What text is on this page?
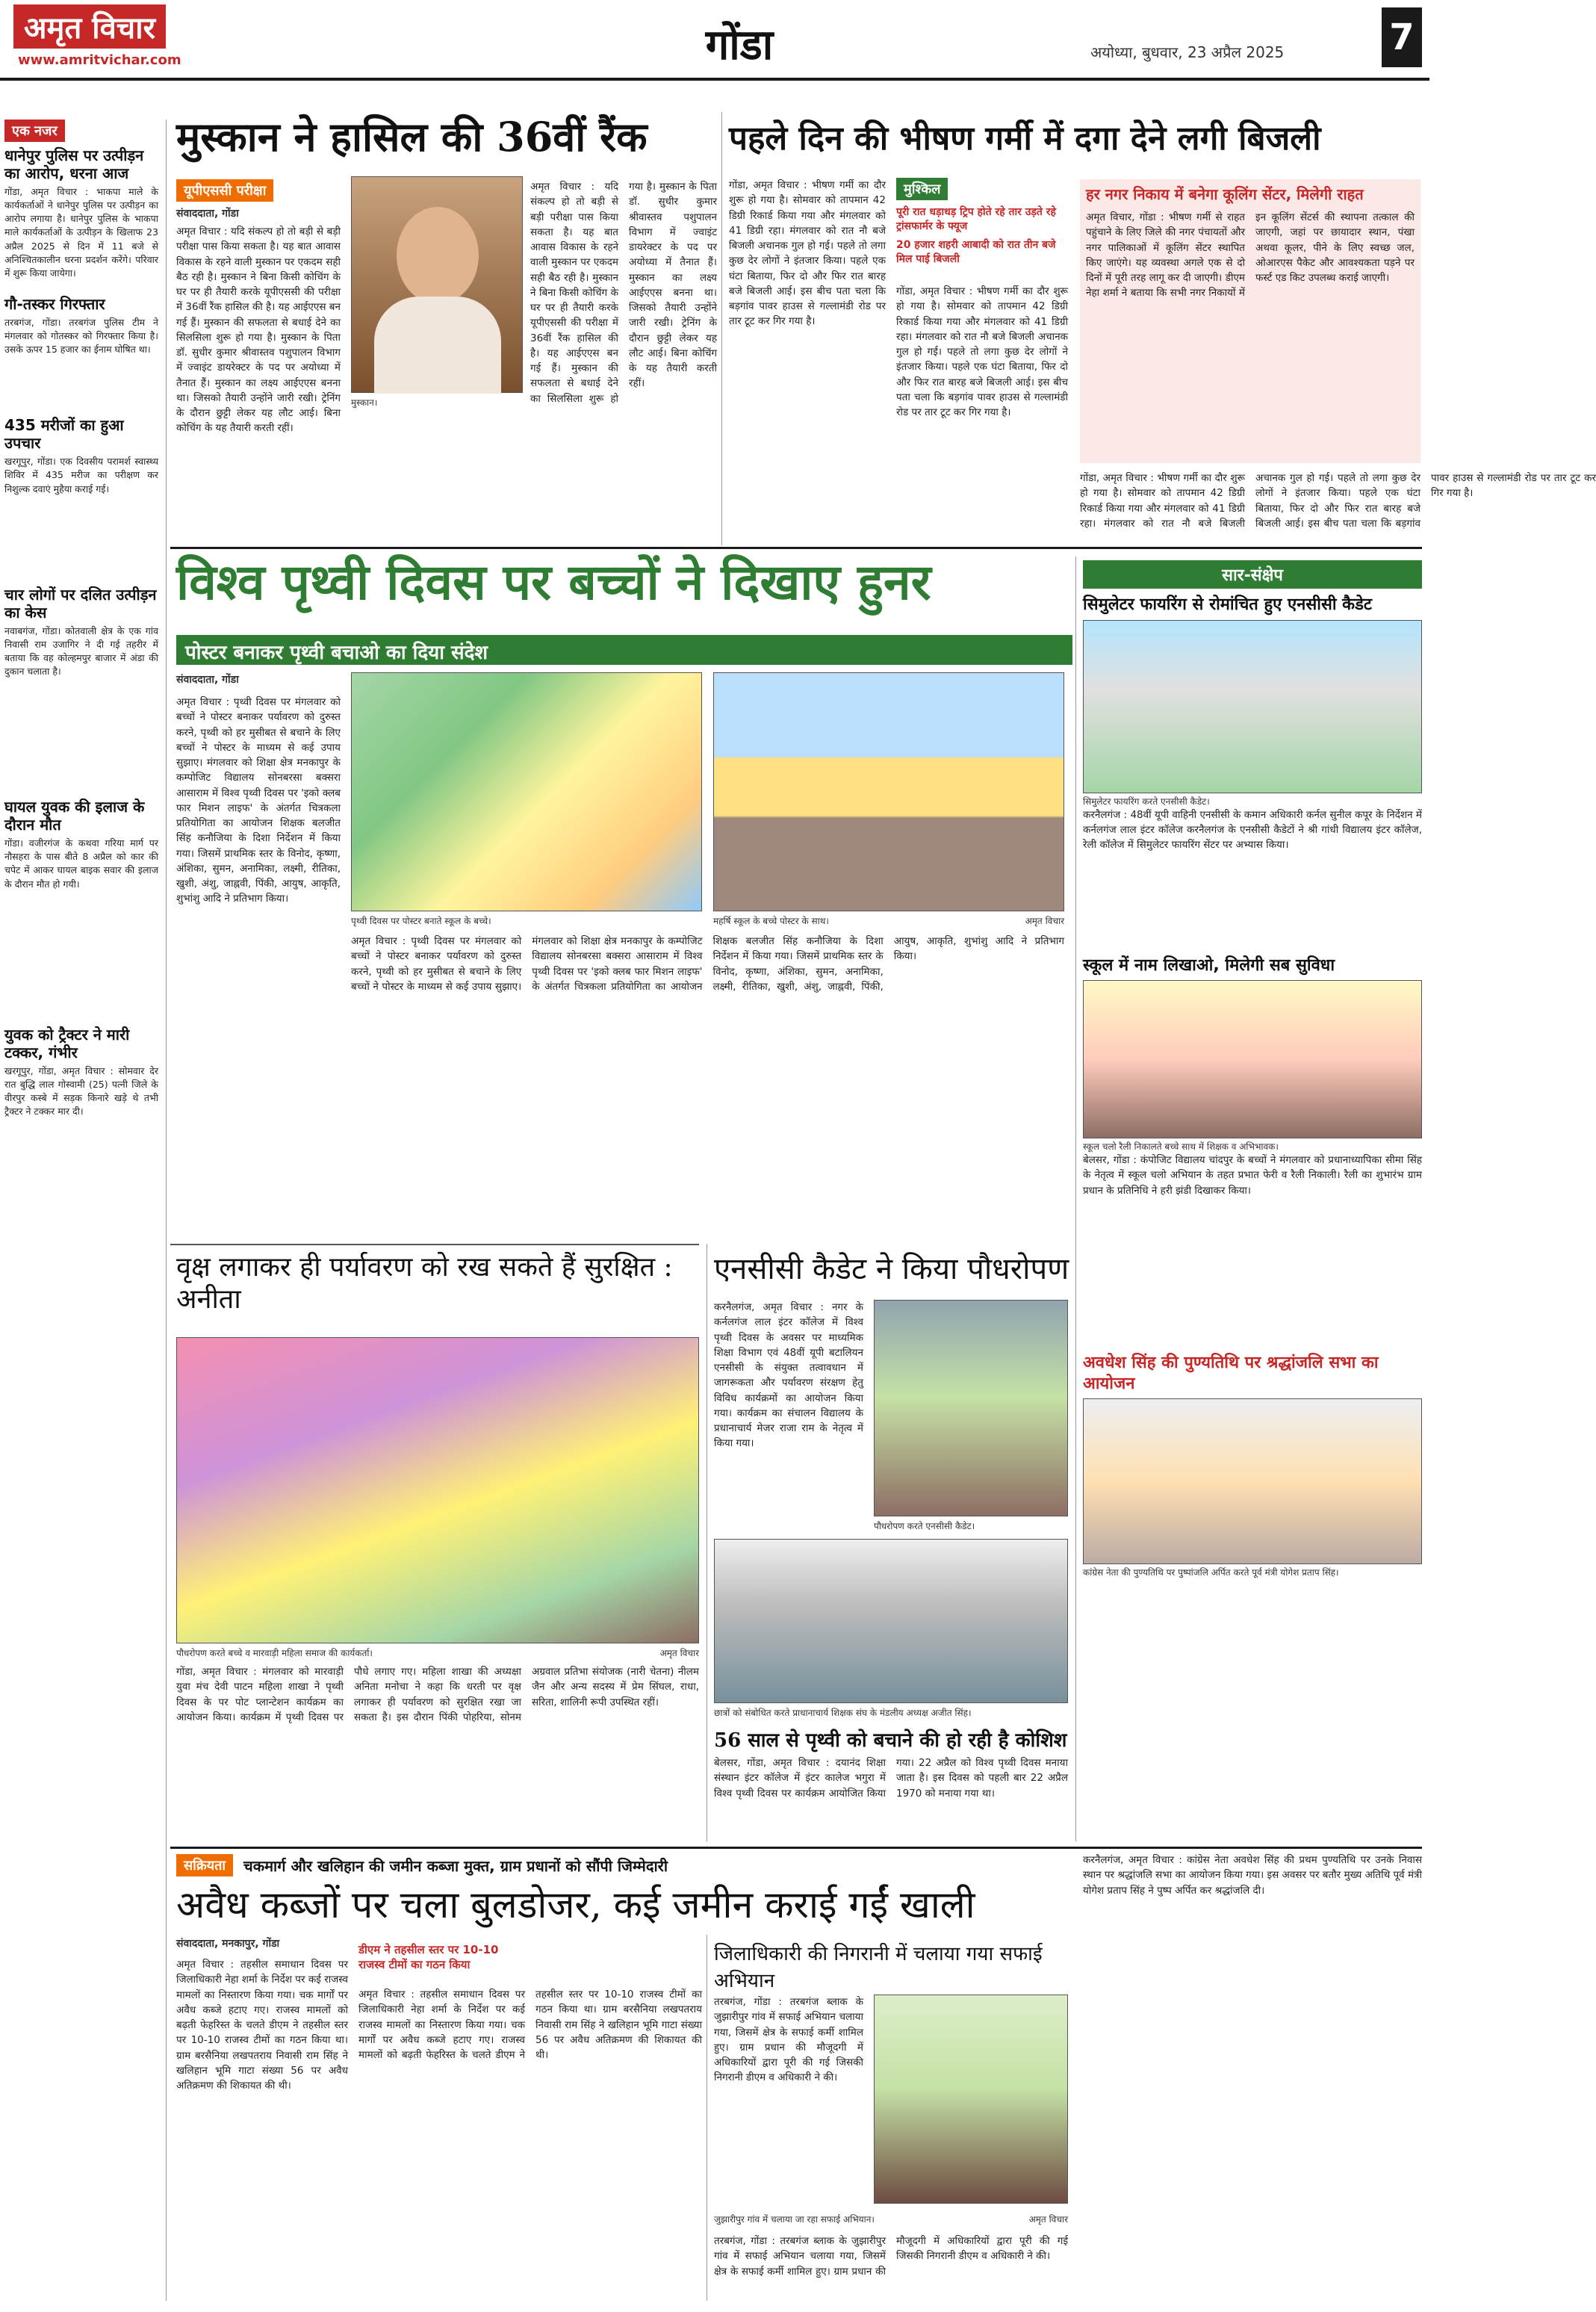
अमृत विचार
www.amritvichar.com	गोंडा	अयोध्या, बुधवार, 23 अप्रैल 2025	7
एक नजर
धानेपुर पुलिस पर उत्पीड़न का आरोप, धरना आज

गोंडा, अमृत विचार : भाकपा माले के कार्यकर्ताओं ने धानेपुर पुलिस पर उत्पीड़न का आरोप लगाया है। धानेपुर पुलिस के भाकपा माले कार्यकर्ताओं के उत्पीड़न के खिलाफ 23 अप्रैल 2025 से दिन में 11 बजे से अनिश्चितकालीन धरना प्रदर्शन करेंगे। परिवार में शुरू किया जायेगा।

गौ-तस्कर गिरफ्तार

तरबगंज, गोंडा। तरबगंज पुलिस टीम ने मंगलवार को गोतस्कर को गिरफ्तार किया है। उसके ऊपर 15 हजार का ईनाम घोषित था।

435 मरीजों का हुआ उपचार

खरगूपुर, गोंडा। एक दिवसीय परामर्श स्वास्थ्य शिविर में 435 मरीज का परीक्षण कर निशुल्क दवाएं मुहैया कराई गई।

चार लोगों पर दलित उत्पीड़न का केस

नवाबगंज, गोंडा। कोतवाली क्षेत्र के एक गांव निवासी राम उजागिर ने दी गई तहरीर में बताया कि वह कोल्हमपुर बाजार में अंडा की दुकान चलाता है।

घायल युवक की इलाज के दौरान मौत

गोंडा। वजीरगंज के कथवा गरिया मार्ग पर नौसहरा के पास बीते 8 अप्रैल को कार की चपेट में आकर घायल बाइक सवार की इलाज के दौरान मौत हो गयी।

युवक को ट्रैक्टर ने मारी टक्कर, गंभीर

खरगूपुर, गोंडा, अमृत विचार : सोमवार देर रात बुद्धि लाल गोस्वामी (25) पत्नी जिले के वीरपुर कस्बे में सड़क किनारे खड़े थे तभी ट्रैक्टर ने टक्कर मार दी।

मुस्कान ने हासिल की 36वीं रैंक
यूपीएससी परीक्षा
संवाददाता, गोंडा
मुस्कान।
अमृत विचार : यदि संकल्प हो तो बड़ी से बड़ी परीक्षा पास किया सकता है। यह बात आवास विकास के रहने वाली मुस्कान पर एकदम सही बैठ रही है। मुस्कान ने बिना किसी कोचिंग के घर पर ही तैयारी करके यूपीएससी की परीक्षा में 36वीं रैंक हासिल की है। यह आईएएस बन गई हैं। मुस्कान की सफलता से बधाई देने का सिलसिला शुरू हो गया है। मुस्कान के पिता डॉ. सुधीर कुमार श्रीवास्तव पशुपालन विभाग में ज्वाइंट डायरेक्टर के पद पर अयोध्या में तैनात हैं। मुस्कान का लक्ष्य आईएएस बनना था। जिसको तैयारी उन्होंने जारी रखी। ट्रेनिंग के दौरान छुट्टी लेकर यह लौट आई। बिना कोचिंग के यह तैयारी करती रहीं।
अमृत विचार : यदि संकल्प हो तो बड़ी से बड़ी परीक्षा पास किया सकता है। यह बात आवास विकास के रहने वाली मुस्कान पर एकदम सही बैठ रही है। मुस्कान ने बिना किसी कोचिंग के घर पर ही तैयारी करके यूपीएससी की परीक्षा में 36वीं रैंक हासिल की है। यह आईएएस बन गई हैं। मुस्कान की सफलता से बधाई देने का सिलसिला शुरू हो गया है। मुस्कान के पिता डॉ. सुधीर कुमार श्रीवास्तव पशुपालन विभाग में ज्वाइंट डायरेक्टर के पद पर अयोध्या में तैनात हैं। मुस्कान का लक्ष्य आईएएस बनना था। जिसको तैयारी उन्होंने जारी रखी। ट्रेनिंग के दौरान छुट्टी लेकर यह लौट आई। बिना कोचिंग के यह तैयारी करती रहीं।
पहले दिन की भीषण गर्मी में दगा देने लगी बिजली
गोंडा, अमृत विचार : भीषण गर्मी का दौर शुरू हो गया है। सोमवार को तापमान 42 डिग्री रिकार्ड किया गया और मंगलवार को 41 डिग्री रहा। मंगलवार को रात नौ बजे बिजली अचानक गुल हो गई। पहले तो लगा कुछ देर लोगों ने इंतजार किया। पहले एक घंटा बिताया, फिर दो और फिर रात बारह बजे बिजली आई। इस बीच पता चला कि बड़गांव पावर हाउस से गल्लामंडी रोड पर तार टूट कर गिर गया है।
मुश्किल
पूरी रात धड़ाधड़ ट्रिप होते रहे तार उड़ते रहे ट्रांसफार्मर के फ्यूज
20 हजार शहरी आबादी को रात तीन बजे मिल पाई बिजली
गोंडा, अमृत विचार : भीषण गर्मी का दौर शुरू हो गया है। सोमवार को तापमान 42 डिग्री रिकार्ड किया गया और मंगलवार को 41 डिग्री रहा। मंगलवार को रात नौ बजे बिजली अचानक गुल हो गई। पहले तो लगा कुछ देर लोगों ने इंतजार किया। पहले एक घंटा बिताया, फिर दो और फिर रात बारह बजे बिजली आई। इस बीच पता चला कि बड़गांव पावर हाउस से गल्लामंडी रोड पर तार टूट कर गिर गया है।
हर नगर निकाय में बनेगा कूलिंग सेंटर, मिलेगी राहत
अमृत विचार, गोंडा : भीषण गर्मी से राहत पहुंचाने के लिए जिले की नगर पंचायतों और नगर पालिकाओं में कूलिंग सेंटर स्थापित किए जाएंगे। यह व्यवस्था अगले एक से दो दिनों में पूरी तरह लागू कर दी जाएगी। डीएम नेहा शर्मा ने बताया कि सभी नगर निकायों में इन कूलिंग सेंटर्स की स्थापना तत्काल की जाएगी, जहां पर छायादार स्थान, पंखा अथवा कूलर, पीने के लिए स्वच्छ जल, ओआरएस पैकेट और आवश्यकता पड़ने पर फर्स्ट एड किट उपलब्ध कराई जाएगी।
गोंडा, अमृत विचार : भीषण गर्मी का दौर शुरू हो गया है। सोमवार को तापमान 42 डिग्री रिकार्ड किया गया और मंगलवार को 41 डिग्री रहा। मंगलवार को रात नौ बजे बिजली अचानक गुल हो गई। पहले तो लगा कुछ देर लोगों ने इंतजार किया। पहले एक घंटा बिताया, फिर दो और फिर रात बारह बजे बिजली आई। इस बीच पता चला कि बड़गांव पावर हाउस से गल्लामंडी रोड पर तार टूट कर गिर गया है।
विश्व पृथ्वी दिवस पर बच्चों ने दिखाए हुनर
पोस्टर बनाकर पृथ्वी बचाओ का दिया संदेश
संवाददाता, गोंडा
अमृत विचार : पृथ्वी दिवस पर मंगलवार को बच्चों ने पोस्टर बनाकर पर्यावरण को दुरुस्त करने, पृथ्वी को हर मुसीबत से बचाने के लिए बच्चों ने पोस्टर के माध्यम से कई उपाय सुझाए। मंगलवार को शिक्षा क्षेत्र मनकापुर के कम्पोजिट विद्यालय सोनबरसा बक्सरा आसाराम में विश्व पृथ्वी दिवस पर 'इको क्लब फार मिशन लाइफ' के अंतर्गत चित्रकला प्रतियोगिता का आयोजन शिक्षक बलजीत सिंह कनौजिया के दिशा निर्देशन में किया गया। जिसमें प्राथमिक स्तर के विनोद, कृष्णा, अंशिका, सुमन, अनामिका, लक्ष्मी, रीतिका, खुशी, अंशु, जाह्नवी, पिंकी, आयुष, आकृति, शुभांशु आदि ने प्रतिभाग किया।
पृथ्वी दिवस पर पोस्टर बनाते स्कूल के बच्चे।	महर्षि स्कूल के बच्चे पोस्टर के साथ।	अमृत विचार
अमृत विचार : पृथ्वी दिवस पर मंगलवार को बच्चों ने पोस्टर बनाकर पर्यावरण को दुरुस्त करने, पृथ्वी को हर मुसीबत से बचाने के लिए बच्चों ने पोस्टर के माध्यम से कई उपाय सुझाए। मंगलवार को शिक्षा क्षेत्र मनकापुर के कम्पोजिट विद्यालय सोनबरसा बक्सरा आसाराम में विश्व पृथ्वी दिवस पर 'इको क्लब फार मिशन लाइफ' के अंतर्गत चित्रकला प्रतियोगिता का आयोजन शिक्षक बलजीत सिंह कनौजिया के दिशा निर्देशन में किया गया। जिसमें प्राथमिक स्तर के विनोद, कृष्णा, अंशिका, सुमन, अनामिका, लक्ष्मी, रीतिका, खुशी, अंशु, जाह्नवी, पिंकी, आयुष, आकृति, शुभांशु आदि ने प्रतिभाग किया।
वृक्ष लगाकर ही पर्यावरण को रख सकते हैं सुरक्षित : अनीता
पौधरोपण करते बच्चे व मारवाड़ी महिला समाज की कार्यकर्ता।	अमृत विचार
गोंडा, अमृत विचार : मंगलवार को मारवाड़ी युवा मंच देवी पाटन महिला शाखा ने पृथ्वी दिवस के पर पोट प्लान्टेशन कार्यक्रम का आयोजन किया। कार्यक्रम में पृथ्वी दिवस पर पौधे लगाए गए। महिला शाखा की अध्यक्षा अनिता मनोचा ने कहा कि धरती पर वृक्ष लगाकर ही पर्यावरण को सुरक्षित रखा जा सकता है। इस दौरान पिंकी पोहरिया, सोनम अग्रवाल प्रतिभा संयोजक (नारी चेतना) नीलम जैन और अन्य सदस्य में प्रेम सिंघल, राधा, सरिता, शालिनी रूपी उपस्थित रहीं।
एनसीसी कैडेट ने किया पौधरोपण
करनैलगंज, अमृत विचार : नगर के कर्नलगंज लाल इंटर कॉलेज में विश्व पृथ्वी दिवस के अवसर पर माध्यमिक शिक्षा विभाग एवं 48वीं यूपी बटालियन एनसीसी के संयुक्त तत्वावधान में जागरूकता और पर्यावरण संरक्षण हेतु विविध कार्यक्रमों का आयोजन किया गया। कार्यक्रम का संचालन विद्यालय के प्रधानाचार्य मेजर राजा राम के नेतृत्व में किया गया।
पौधरोपण करते एनसीसी कैडेट।
छात्रों को संबोधित करते प्राधानाचार्य शिक्षक संघ के मंडलीय अध्यक्ष अजीत सिंह।
56 साल से पृथ्वी को बचाने की हो रही है कोशिश
बेलसर, गोंडा, अमृत विचार : दयानंद शिक्षा संस्थान इंटर कॉलेज में इंटर कालेज भगुरा में विश्व पृथ्वी दिवस पर कार्यक्रम आयोजित किया गया। 22 अप्रैल को विश्व पृथ्वी दिवस मनाया जाता है। इस दिवस को पहली बार 22 अप्रैल 1970 को मनाया गया था।
सार-संक्षेप
सिमुलेटर फायरिंग से रोमांचित हुए एनसीसी कैडेट
सिमुलेटर फायरिंग करते एनसीसी कैडेट।
करनैलगंज : 48वीं यूपी वाहिनी एनसीसी के कमान अधिकारी कर्नल सुनील कपूर के निर्देशन में कर्नलगंज लाल इंटर कॉलेज करनैलगंज के एनसीसी कैडेटों ने श्री गांधी विद्यालय इंटर कॉलेज, रेली कॉलेज में सिमुलेटर फायरिंग सेंटर पर अभ्यास किया।
स्कूल में नाम लिखाओ, मिलेगी सब सुविधा
स्कूल चलो रैली निकालते बच्चे साथ में शिक्षक व अभिभावक।
बेलसर, गोंडा : कंपोजिट विद्यालय चांदपुर के बच्चों ने मंगलवार को प्रधानाध्यापिका सीमा सिंह के नेतृत्व में स्कूल चलो अभियान के तहत प्रभात फेरी व रैली निकाली। रैली का शुभारंभ ग्राम प्रधान के प्रतिनिधि ने हरी झंडी दिखाकर किया।
अवधेश सिंह की पुण्यतिथि पर श्रद्धांजलि सभा का आयोजन
कांग्रेस नेता की पुण्यतिथि पर पुष्पांजलि अर्पित करते पूर्व मंत्री योगेश प्रताप सिंह।
सक्रियता	चकमार्ग और खलिहान की जमीन कब्जा मुक्त, ग्राम प्रधानों को सौंपी जिम्मेदारी
अवैध कब्जों पर चला बुलडोजर, कई जमीन कराई गईं खाली
संवाददाता, मनकापुर, गोंडा
अमृत विचार : तहसील समाधान दिवस पर जिलाधिकारी नेहा शर्मा के निर्देश पर कई राजस्व मामलों का निस्तारण किया गया। चक मार्गों पर अवैध कब्जे हटाए गए। राजस्व मामलों को बढ़ती फेहरिस्त के चलते डीएम ने तहसील स्तर पर 10-10 राजस्व टीमों का गठन किया था। ग्राम बरसैनिया लखपतराय निवासी राम सिंह ने खलिहान भूमि गाटा संख्या 56 पर अवैध अतिक्रमण की शिकायत की थी।
डीएम ने तहसील स्तर पर 10-10 राजस्व टीमों का गठन किया
अमृत विचार : तहसील समाधान दिवस पर जिलाधिकारी नेहा शर्मा के निर्देश पर कई राजस्व मामलों का निस्तारण किया गया। चक मार्गों पर अवैध कब्जे हटाए गए। राजस्व मामलों को बढ़ती फेहरिस्त के चलते डीएम ने तहसील स्तर पर 10-10 राजस्व टीमों का गठन किया था। ग्राम बरसैनिया लखपतराय निवासी राम सिंह ने खलिहान भूमि गाटा संख्या 56 पर अवैध अतिक्रमण की शिकायत की थी।
जिलाधिकारी की निगरानी में चलाया गया सफाई अभियान
तरबगंज, गोंडा : तरबगंज ब्लाक के जुझारीपुर गांव में सफाई अभियान चलाया गया, जिसमें क्षेत्र के सफाई कर्मी शामिल हुए। ग्राम प्रधान की मौजूदगी में अधिकारियों द्वारा पूरी की गई जिसकी निगरानी डीएम व अधिकारी ने की।
जुझारीपुर गांव में चलाया जा रहा सफाई अभियान।	अमृत विचार
तरबगंज, गोंडा : तरबगंज ब्लाक के जुझारीपुर गांव में सफाई अभियान चलाया गया, जिसमें क्षेत्र के सफाई कर्मी शामिल हुए। ग्राम प्रधान की मौजूदगी में अधिकारियों द्वारा पूरी की गई जिसकी निगरानी डीएम व अधिकारी ने की।
करनैलगंज, अमृत विचार : कांग्रेस नेता अवधेश सिंह की प्रथम पुण्यतिथि पर उनके निवास स्थान पर श्रद्धांजलि सभा का आयोजन किया गया। इस अवसर पर बतौर मुख्य अतिथि पूर्व मंत्री योगेश प्रताप सिंह ने पुष्प अर्पित कर श्रद्धांजलि दी।
